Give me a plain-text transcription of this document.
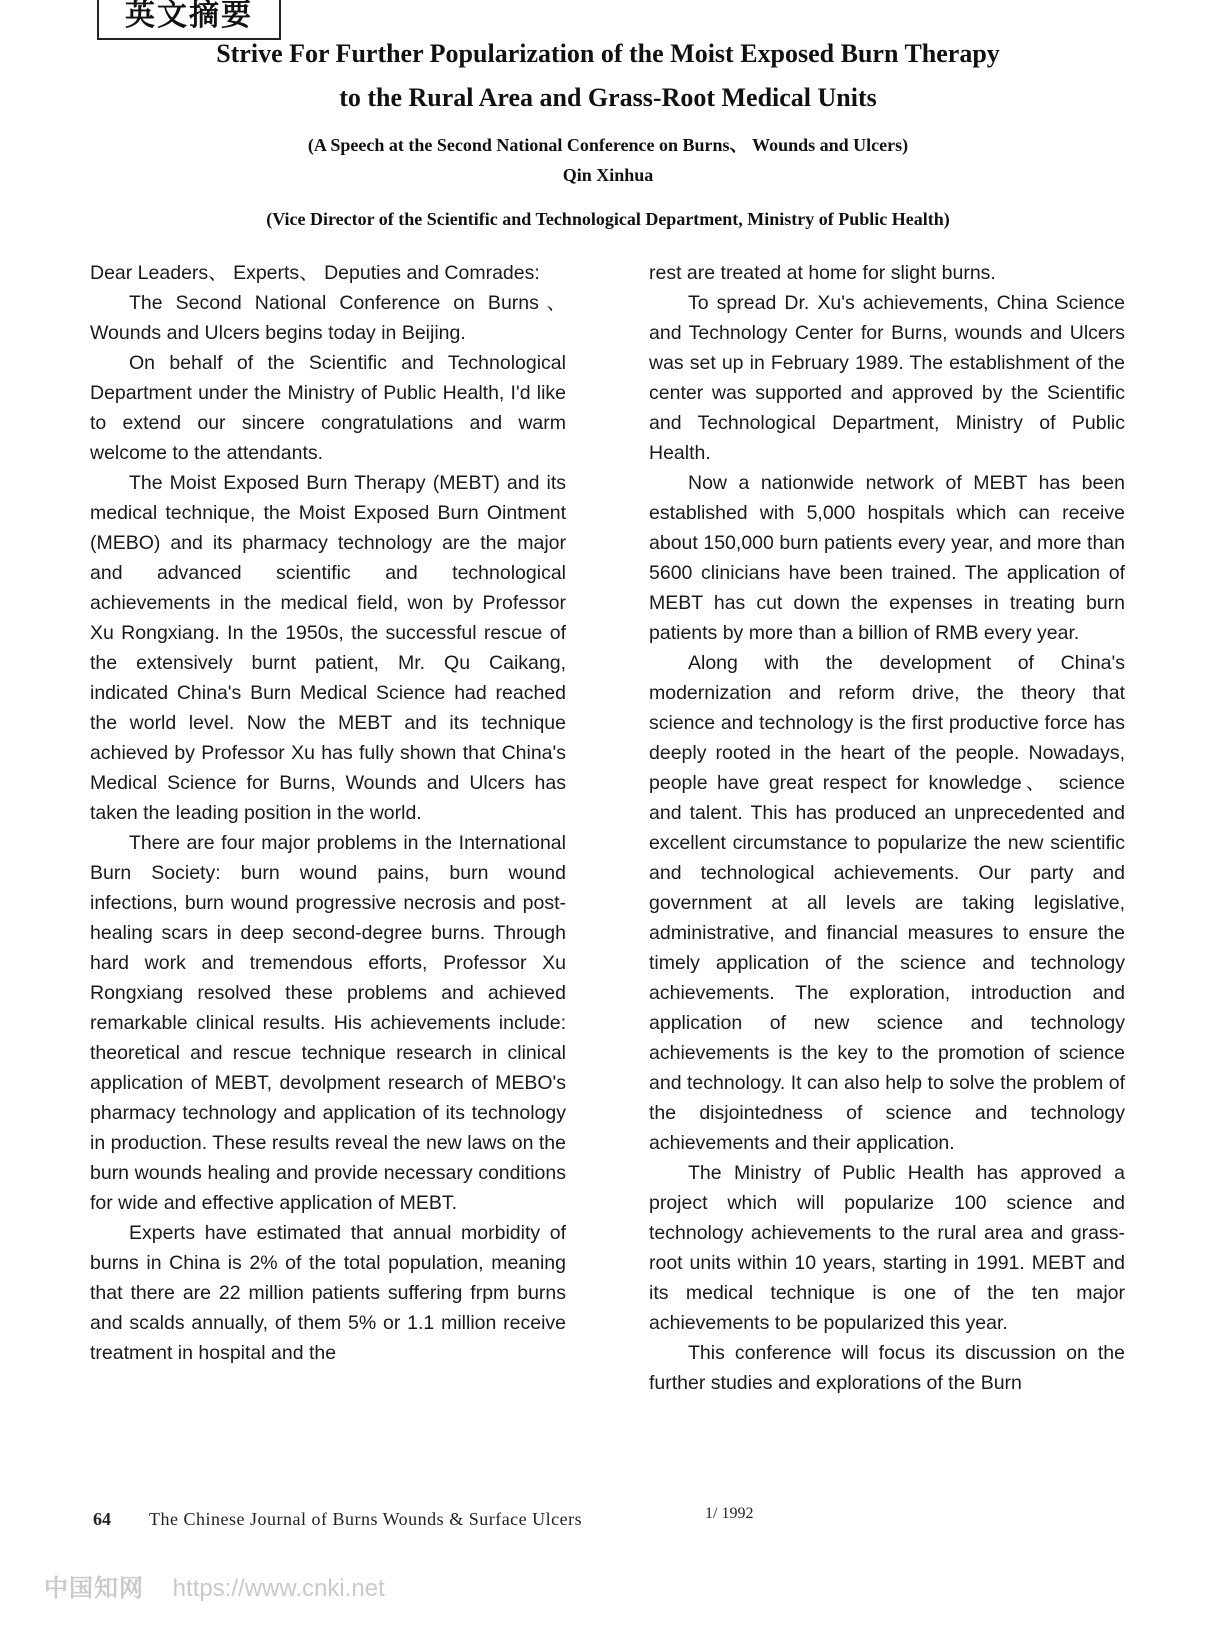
英文摘要
Strive For Further Popularization of the Moist Exposed Burn Therapy
to the Rural Area and Grass-Root Medical Units
(A Speech at the Second National Conference on Burns、 Wounds and Ulcers)
Qin Xinhua
(Vice Director of the Scientific and Technological Department, Ministry of Public Health)

Dear Leaders、 Experts、 Deputies and Comrades:

The Second National Conference on Burns、 Wounds and Ulcers begins today in Beijing.

On behalf of the Scientific and Technological Department under the Ministry of Public Health, I'd like to extend our sincere congratulations and warm welcome to the attendants.

The Moist Exposed Burn Therapy (MEBT) and its medical technique, the Moist Exposed Burn Ointment (MEBO) and its pharmacy technology are the major and advanced scientific and technological achievements in the medical field, won by Professor Xu Rongxiang. In the 1950s, the successful rescue of the extensively burnt patient, Mr. Qu Caikang, indicated China's Burn Medical Science had reached the world level. Now the MEBT and its technique achieved by Professor Xu has fully shown that China's Medical Science for Burns, Wounds and Ulcers has taken the leading position in the world.

There are four major problems in the International Burn Society: burn wound pains, burn wound infections, burn wound progressive necrosis and post-healing scars in deep second-degree burns. Through hard work and tremendous efforts, Professor Xu Rongxiang resolved these problems and achieved remarkable clinical results. His achievements include: theoretical and rescue technique research in clinical application of MEBT, devolpment research of MEBO's pharmacy technology and application of its technology in production. These results reveal the new laws on the burn wounds healing and provide necessary conditions for wide and effective application of MEBT.

Experts have estimated that annual morbidity of burns in China is 2% of the total population, meaning that there are 22 million patients suffering frpm burns and scalds annually, of them 5% or 1.1 million receive treatment in hospital and the

rest are treated at home for slight burns.

To spread Dr. Xu's achievements, China Science and Technology Center for Burns, wounds and Ulcers was set up in February 1989. The establishment of the center was supported and approved by the Scientific and Technological Department, Ministry of Public Health.

Now a nationwide network of MEBT has been established with 5,000 hospitals which can receive about 150,000 burn patients every year, and more than 5600 clinicians have been trained. The application of MEBT has cut down the expenses in treating burn patients by more than a billion of RMB every year.

Along with the development of China's modernization and reform drive, the theory that science and technology is the first productive force has deeply rooted in the heart of the people. Nowadays, people have great respect for knowledge、 science and talent. This has produced an unprecedented and excellent circumstance to popularize the new scientific and technological achievements. Our party and government at all levels are taking legislative, administrative, and financial measures to ensure the timely application of the science and technology achievements. The exploration, introduction and application of new science and technology achievements is the key to the promotion of science and technology. It can also help to solve the problem of the disjointedness of science and technology achievements and their application.

The Ministry of Public Health has approved a project which will popularize 100 science and technology achievements to the rural area and grass-root units within 10 years, starting in 1991. MEBT and its medical technique is one of the ten major achievements to be popularized this year.

This conference will focus its discussion on the further studies and explorations of the Burn

64 The Chinese Journal of Burns Wounds & Surface Ulcers	1/ 1992
中国知网 https://www.cnki.net
